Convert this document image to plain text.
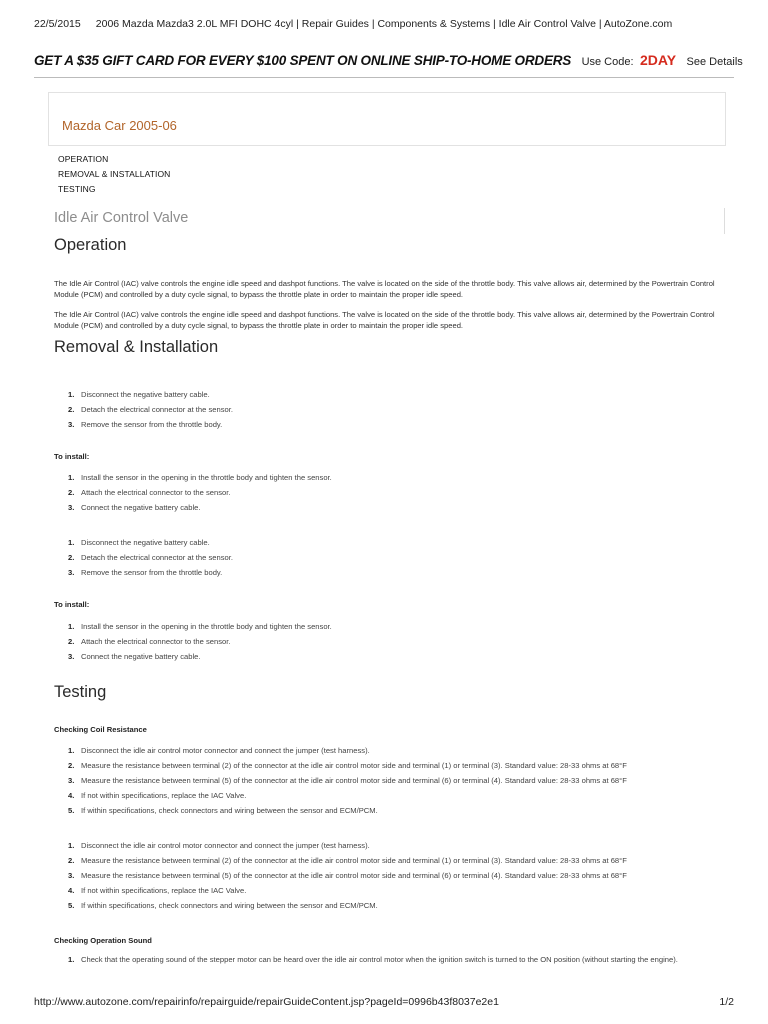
22/5/2015	2006 Mazda Mazda3 2.0L MFI DOHC 4cyl | Repair Guides | Components & Systems | Idle Air Control Valve | AutoZone.com
GET A $35 GIFT CARD FOR EVERY $100 SPENT ON ONLINE SHIP-TO-HOME ORDERS Use Code: 2DAY See Details
Mazda Car 2005-06
OPERATION
REMOVAL & INSTALLATION
TESTING
Idle Air Control Valve
Operation

The Idle Air Control (IAC) valve controls the engine idle speed and dashpot functions. The valve is located on the side of the throttle body. This valve allows air, determined by the Powertrain Control Module (PCM) and controlled by a duty cycle signal, to bypass the throttle plate in order to maintain the proper idle speed.

The Idle Air Control (IAC) valve controls the engine idle speed and dashpot functions. The valve is located on the side of the throttle body. This valve allows air, determined by the Powertrain Control Module (PCM) and controlled by a duty cycle signal, to bypass the throttle plate in order to maintain the proper idle speed.

Removal & Installation
1. Disconnect the negative battery cable.
2. Detach the electrical connector at the sensor.
3. Remove the sensor from the throttle body.
To install:
1. Install the sensor in the opening in the throttle body and tighten the sensor.
2. Attach the electrical connector to the sensor.
3. Connect the negative battery cable.
1. Disconnect the negative battery cable.
2. Detach the electrical connector at the sensor.
3. Remove the sensor from the throttle body.
To install:
1. Install the sensor in the opening in the throttle body and tighten the sensor.
2. Attach the electrical connector to the sensor.
3. Connect the negative battery cable.
Testing
Checking Coil Resistance
1. Disconnect the idle air control motor connector and connect the jumper (test harness).
2. Measure the resistance between terminal (2) of the connector at the idle air control motor side and terminal (1) or terminal (3). Standard value: 28-33 ohms at 68°F
3. Measure the resistance between terminal (5) of the connector at the idle air control motor side and terminal (6) or terminal (4). Standard value: 28-33 ohms at 68°F
4. If not within specifications, replace the IAC Valve.
5. If within specifications, check connectors and wiring between the sensor and ECM/PCM.
1. Disconnect the idle air control motor connector and connect the jumper (test harness).
2. Measure the resistance between terminal (2) of the connector at the idle air control motor side and terminal (1) or terminal (3). Standard value: 28-33 ohms at 68°F
3. Measure the resistance between terminal (5) of the connector at the idle air control motor side and terminal (6) or terminal (4). Standard value: 28-33 ohms at 68°F
4. If not within specifications, replace the IAC Valve.
5. If within specifications, check connectors and wiring between the sensor and ECM/PCM.
Checking Operation Sound
1. Check that the operating sound of the stepper motor can be heard over the idle air control motor when the ignition switch is turned to the ON position (without starting the engine).
http://www.autozone.com/repairinfo/repairguide/repairGuideContent.jsp?pageId=0996b43f8037e2e1	1/2
